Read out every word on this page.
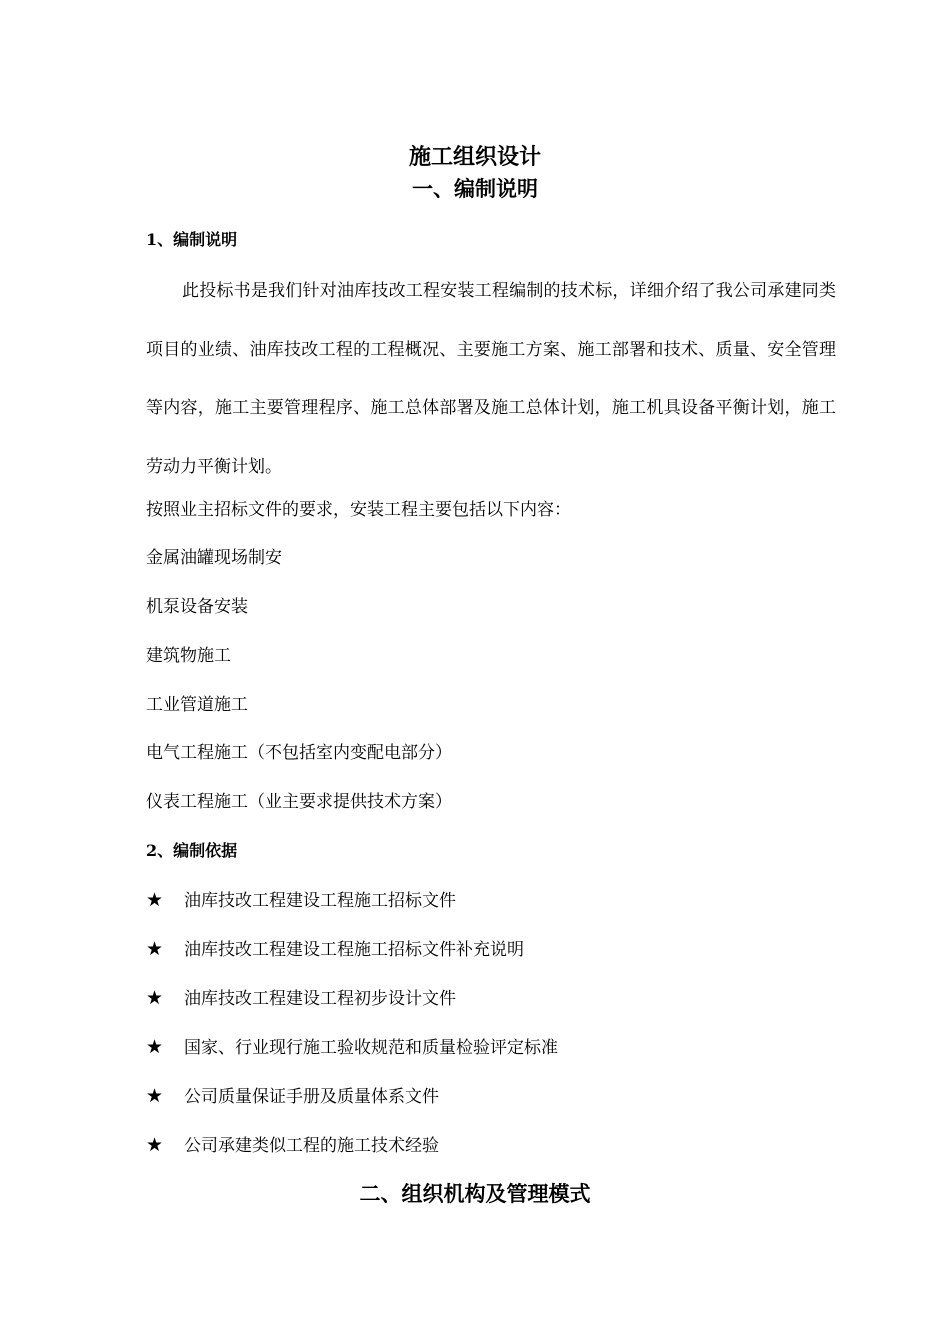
施工组织设计
一、编制说明
1、编制说明
此投标书是我们针对油库技改工程安装工程编制的技术标，详细介绍了我公司承建同类项目的业绩、油库技改工程的工程概况、主要施工方案、施工部署和技术、质量、安全管理等内容，施工主要管理程序、施工总体部署及施工总体计划，施工机具设备平衡计划，施工劳动力平衡计划。
按照业主招标文件的要求，安装工程主要包括以下内容：
金属油罐现场制安
机泵设备安装
建筑物施工
工业管道施工
电气工程施工（不包括室内变配电部分）
仪表工程施工（业主要求提供技术方案）
2、编制依据
★ 油库技改工程建设工程施工招标文件
★ 油库技改工程建设工程施工招标文件补充说明
★ 油库技改工程建设工程初步设计文件
★ 国家、行业现行施工验收规范和质量检验评定标准
★ 公司质量保证手册及质量体系文件
★ 公司承建类似工程的施工技术经验
二、组织机构及管理模式
